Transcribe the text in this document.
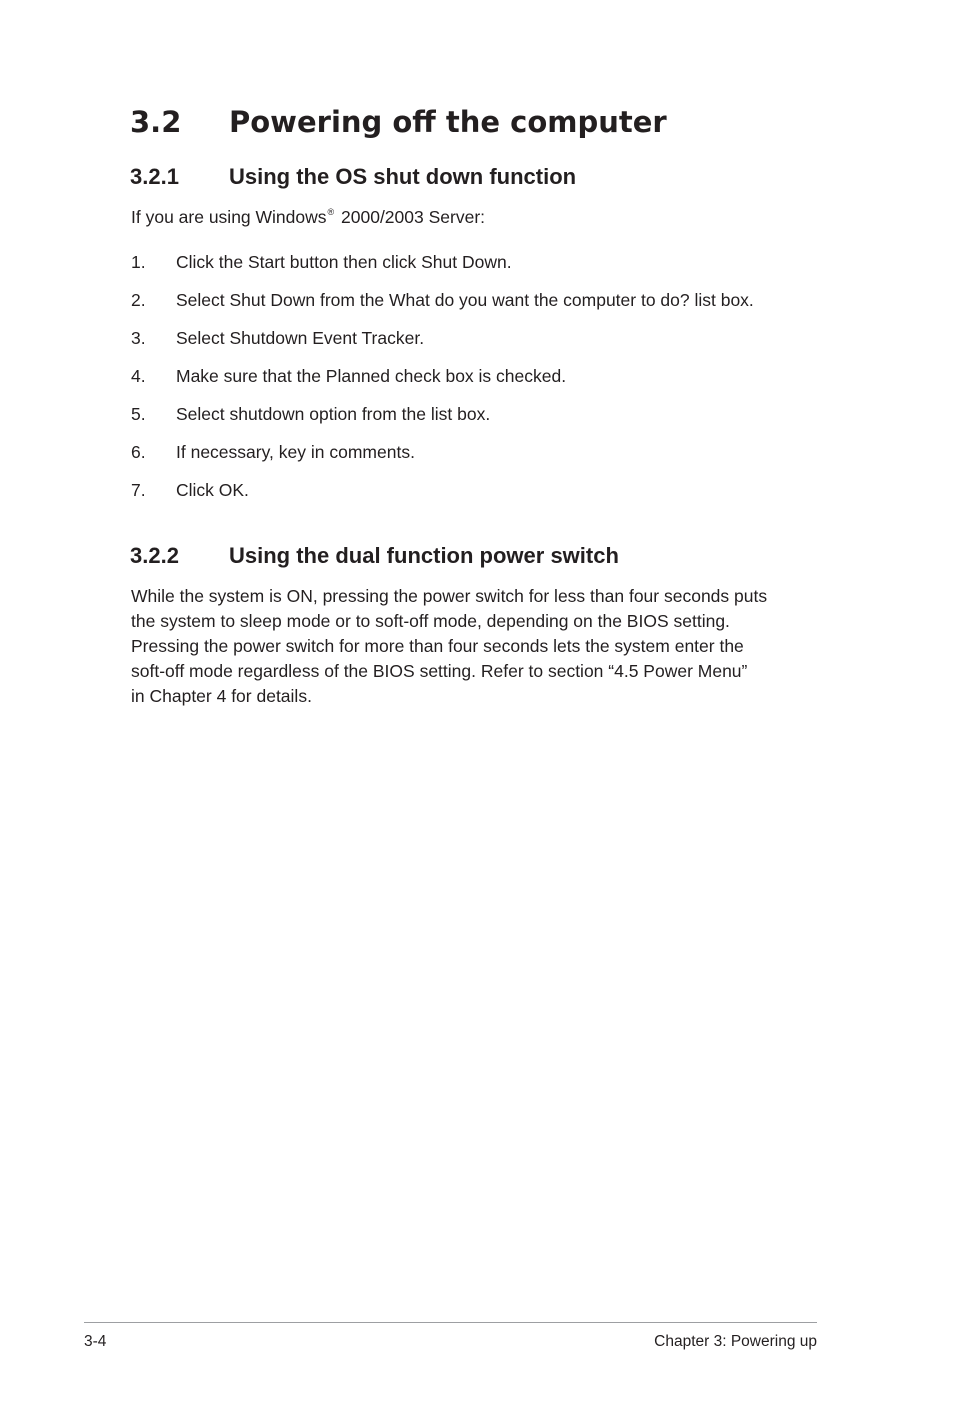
3.2 Powering off the computer
3.2.1 Using the OS shut down function
If you are using Windows® 2000/2003 Server:
1. Click the Start button then click Shut Down.
2. Select Shut Down from the What do you want the computer to do? list box.
3. Select Shutdown Event Tracker.
4. Make sure that the Planned check box is checked.
5. Select shutdown option from the list box.
6. If necessary, key in comments.
7. Click OK.
3.2.2 Using the dual function power switch

While the system is ON, pressing the power switch for less than four seconds puts
the system to sleep mode or to soft-off mode, depending on the BIOS setting.
Pressing the power switch for more than four seconds lets the system enter the
soft-off mode regardless of the BIOS setting. Refer to section “4.5 Power Menu”
in Chapter 4 for details.

3-4	Chapter 3: Powering up
